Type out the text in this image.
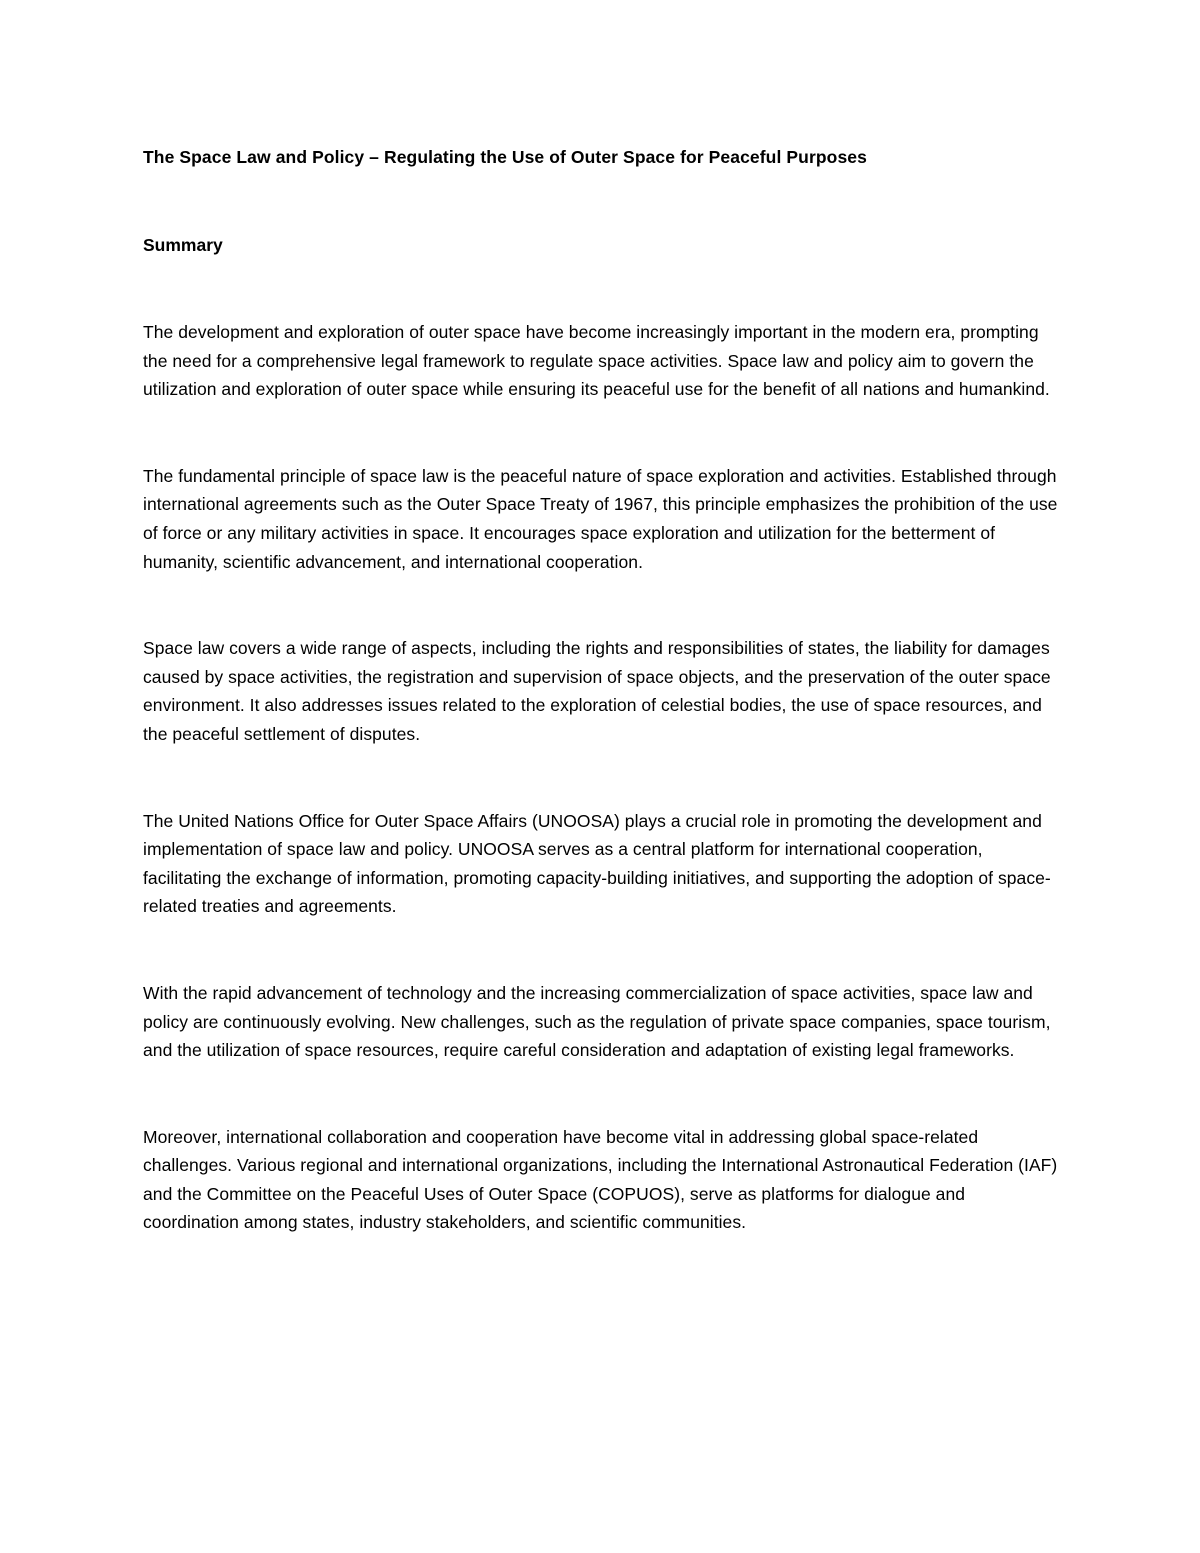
The Space Law and Policy – Regulating the Use of Outer Space for Peaceful Purposes
Summary

The development and exploration of outer space have become increasingly important in the modern era, prompting the need for a comprehensive legal framework to regulate space activities. Space law and policy aim to govern the utilization and exploration of outer space while ensuring its peaceful use for the benefit of all nations and humankind.

The fundamental principle of space law is the peaceful nature of space exploration and activities. Established through international agreements such as the Outer Space Treaty of 1967, this principle emphasizes the prohibition of the use of force or any military activities in space. It encourages space exploration and utilization for the betterment of humanity, scientific advancement, and international cooperation.

Space law covers a wide range of aspects, including the rights and responsibilities of states, the liability for damages caused by space activities, the registration and supervision of space objects, and the preservation of the outer space environment. It also addresses issues related to the exploration of celestial bodies, the use of space resources, and the peaceful settlement of disputes.

The United Nations Office for Outer Space Affairs (UNOOSA) plays a crucial role in promoting the development and implementation of space law and policy. UNOOSA serves as a central platform for international cooperation, facilitating the exchange of information, promoting capacity-building initiatives, and supporting the adoption of space-related treaties and agreements.

With the rapid advancement of technology and the increasing commercialization of space activities, space law and policy are continuously evolving. New challenges, such as the regulation of private space companies, space tourism, and the utilization of space resources, require careful consideration and adaptation of existing legal frameworks.

Moreover, international collaboration and cooperation have become vital in addressing global space-related challenges. Various regional and international organizations, including the International Astronautical Federation (IAF) and the Committee on the Peaceful Uses of Outer Space (COPUOS), serve as platforms for dialogue and coordination among states, industry stakeholders, and scientific communities.
